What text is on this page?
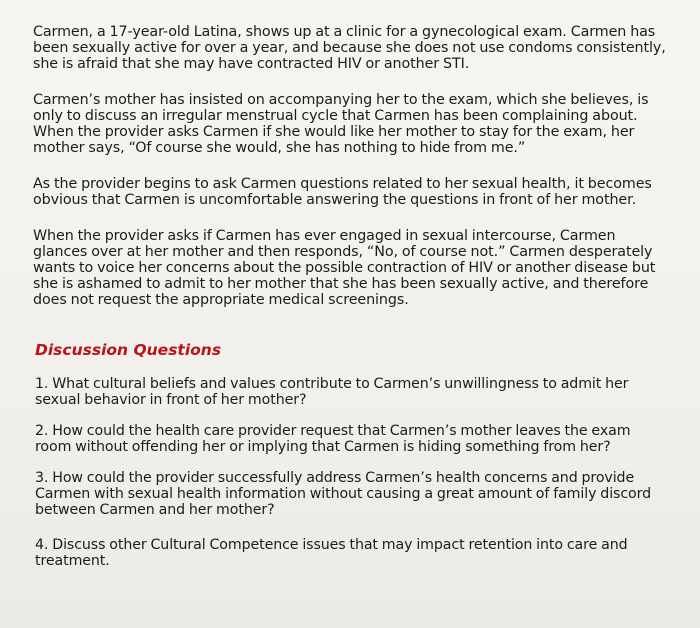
Carmen, a 17-year-old Latina, shows up at a clinic for a gynecological exam. Carmen has been sexually active for over a year, and because she does not use condoms consistently, she is afraid that she may have contracted HIV or another STI.

Carmen’s mother has insisted on accompanying her to the exam, which she believes, is only to discuss an irregular menstrual cycle that Carmen has been complaining about. When the provider asks Carmen if she would like her mother to stay for the exam, her mother says, “Of course she would, she has nothing to hide from me.”

As the provider begins to ask Carmen questions related to her sexual health, it becomes obvious that Carmen is uncomfortable answering the questions in front of her mother.

When the provider asks if Carmen has ever engaged in sexual intercourse, Carmen glances over at her mother and then responds, “No, of course not.” Carmen desperately wants to voice her concerns about the possible contraction of HIV or another disease but she is ashamed to admit to her mother that she has been sexually active, and therefore does not request the appropriate medical screenings.

Discussion Questions

1. What cultural beliefs and values contribute to Carmen’s unwillingness to admit her sexual behavior in front of her mother?

2. How could the health care provider request that Carmen’s mother leaves the exam room without offending her or implying that Carmen is hiding something from her?

3. How could the provider successfully address Carmen’s health concerns and provide Carmen with sexual health information without causing a great amount of family discord between Carmen and her mother?

4. Discuss other Cultural Competence issues that may impact retention into care and treatment.
